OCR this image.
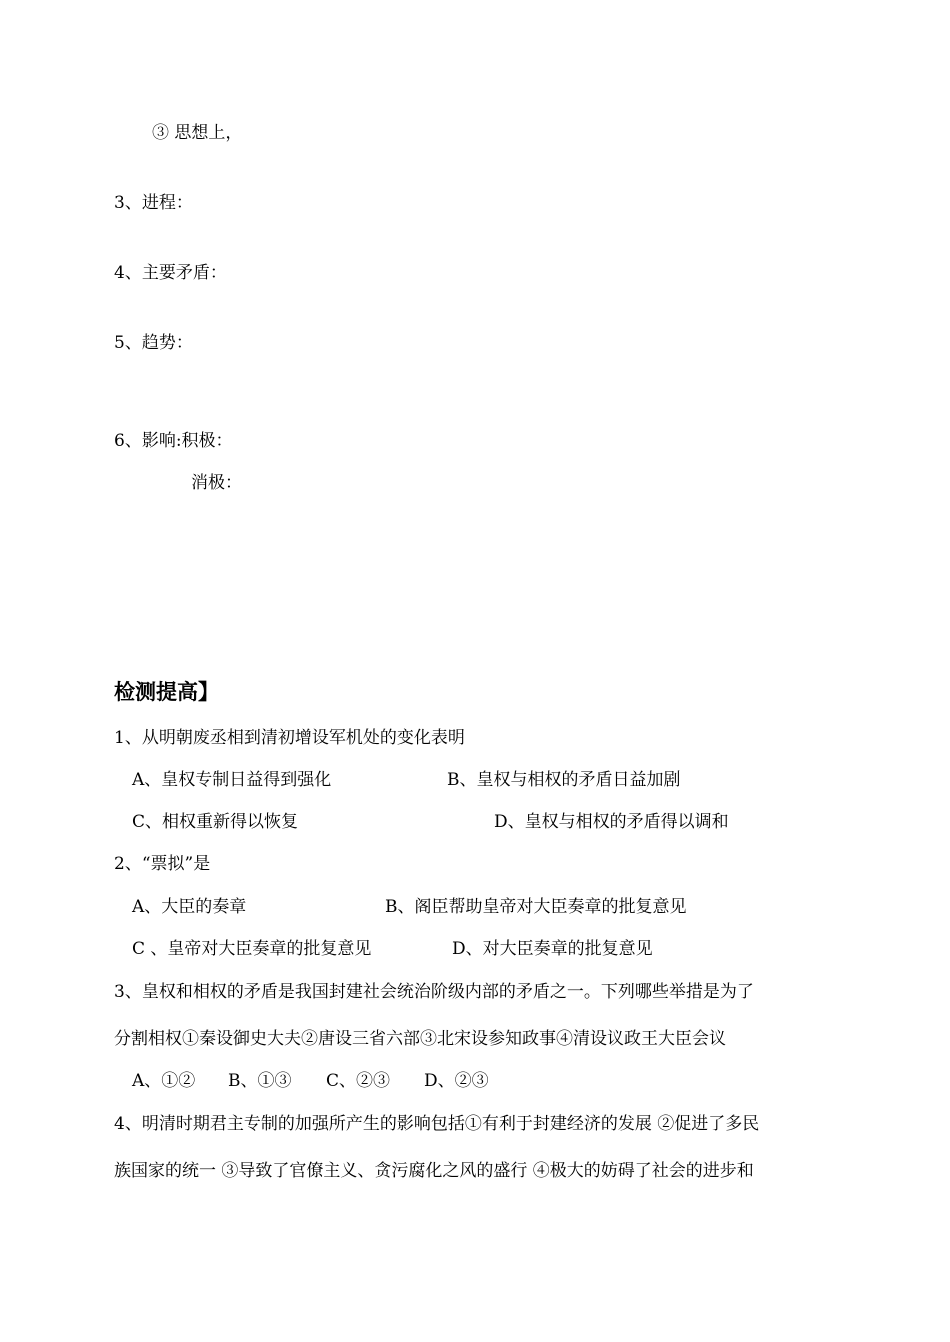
③ 思想上，
3、进程：
4、主要矛盾：
5、趋势：
6、影响:积极：
消极：
检测提高】
1、从明朝废丞相到清初增设军机处的变化表明
A、皇权专制日益得到强化	B、皇权与相权的矛盾日益加剧
C、相权重新得以恢复	D、皇权与相权的矛盾得以调和
2、“票拟”是
A、大臣的奏章	B、阁臣帮助皇帝对大臣奏章的批复意见
C 、皇帝对大臣奏章的批复意见	D、对大臣奏章的批复意见
3、皇权和相权的矛盾是我国封建社会统治阶级内部的矛盾之一。下列哪些举措是为了
分割相权①秦设御史大夫②唐设三省六部③北宋设参知政事④清设议政王大臣会议
A、①② B、①③ C、②③ D、②③
4、明清时期君主专制的加强所产生的影响包括①有利于封建经济的发展 ②促进了多民
族国家的统一 ③导致了官僚主义、贪污腐化之风的盛行 ④极大的妨碍了社会的进步和
